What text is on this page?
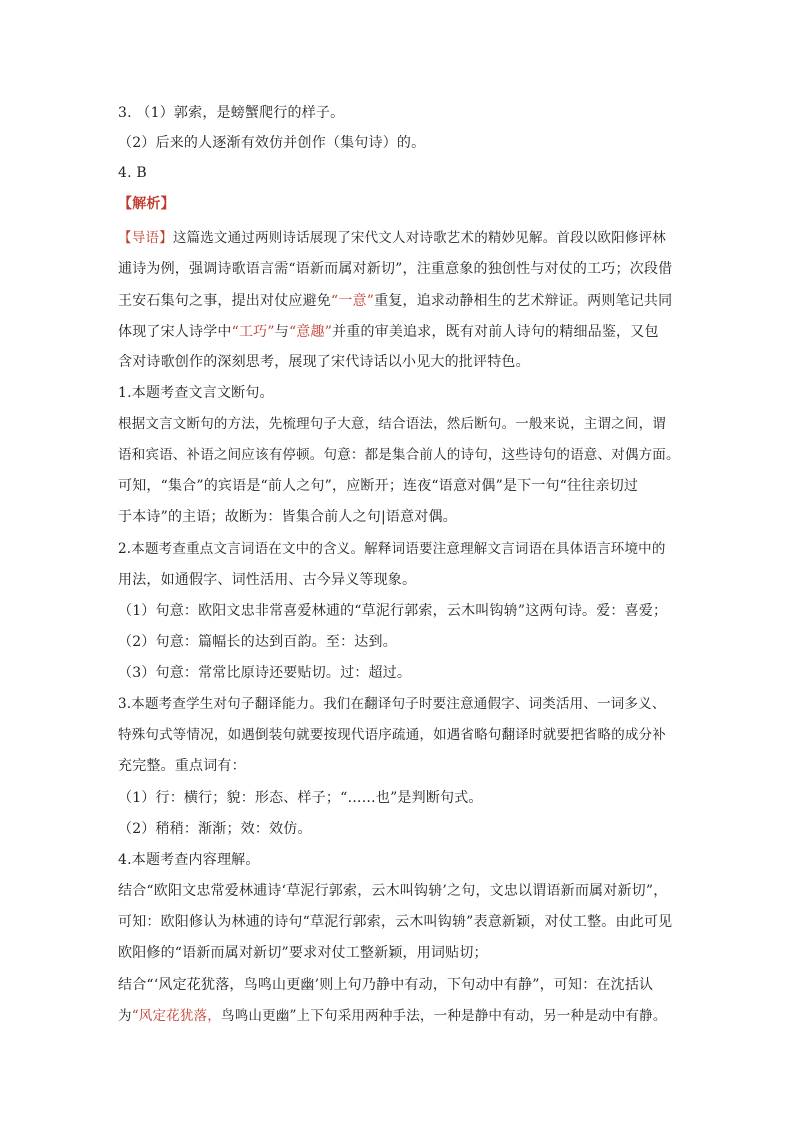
3. （1）郭索，是螃蟹爬行的样子。
（2）后来的人逐渐有效仿并创作（集句诗）的。
4. B
【解析】
【导语】这篇选文通过两则诗话展现了宋代文人对诗歌艺术的精妙见解。首段以欧阳修评林
逋诗为例，强调诗歌语言需“语新而属对新切”，注重意象的独创性与对仗的工巧；次段借
王安石集句之事，提出对仗应避免“一意”重复，追求动静相生的艺术辩证。两则笔记共同
体现了宋人诗学中“工巧”与“意趣”并重的审美追求，既有对前人诗句的精细品鉴，又包
含对诗歌创作的深刻思考，展现了宋代诗话以小见大的批评特色。
1.本题考查文言文断句。
根据文言文断句的方法，先梳理句子大意，结合语法，然后断句。一般来说，主谓之间，谓
语和宾语、补语之间应该有停顿。句意：都是集合前人的诗句，这些诗句的语意、对偶方面。
可知，“集合”的宾语是“前人之句”，应断开；连夜“语意对偶”是下一句“往往亲切过
于本诗”的主语；故断为：皆集合前人之句|语意对偶。
2.本题考查重点文言词语在文中的含义。解释词语要注意理解文言词语在具体语言环境中的
用法，如通假字、词性活用、古今异义等现象。
（1）句意：欧阳文忠非常喜爱林逋的“草泥行郭索，云木叫钩辀”这两句诗。爱：喜爱；
（2）句意：篇幅长的达到百韵。至：达到。
（3）句意：常常比原诗还要贴切。过：超过。
3.本题考查学生对句子翻译能力。我们在翻译句子时要注意通假字、词类活用、一词多义、
特殊句式等情况，如遇倒装句就要按现代语序疏通，如遇省略句翻译时就要把省略的成分补
充完整。重点词有：
（1）行：横行；貌：形态、样子；“……也”是判断句式。
（2）稍稍：渐渐；效：效仿。
4.本题考查内容理解。
结合“欧阳文忠常爱林逋诗‘草泥行郭索，云木叫钩辀’之句，文忠以谓语新而属对新切”，
可知：欧阳修认为林逋的诗句“草泥行郭索，云木叫钩辀”表意新颖，对仗工整。由此可见
欧阳修的“语新而属对新切”要求对仗工整新颖，用词贴切；
结合“‘风定花犹落，鸟鸣山更幽’则上句乃静中有动，下句动中有静”，可知：在沈括认
为“风定花犹落，鸟鸣山更幽”上下句采用两种手法，一种是静中有动，另一种是动中有静。
